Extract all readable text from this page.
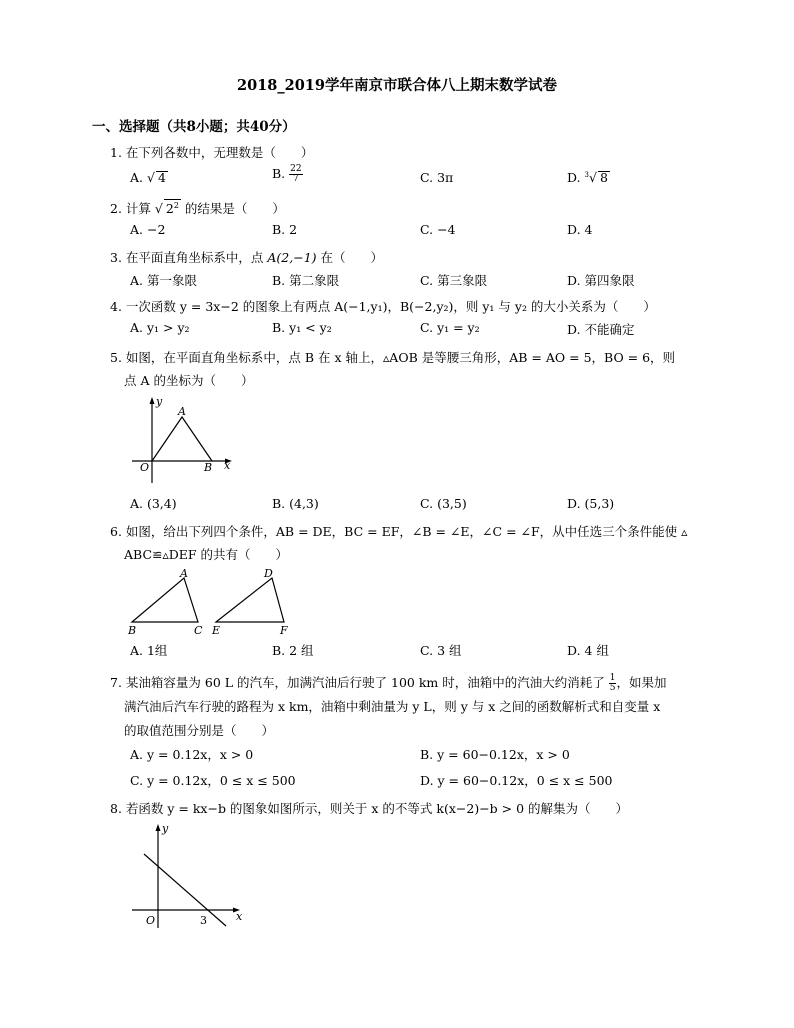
2018_2019学年南京市联合体八上期末数学试卷
一、选择题（共8小题；共40分）
1. 在下列各数中，无理数是（　　）
A. √ 4	B. $\frac{22}{7}$	C. 3π	D. $^3$√ 8
2. 计算 √ $2^2$ 的结果是（　　）
A. −2	B. 2	C. −4	D. 4
3. 在平面直角坐标系中，点 A(2,−1) 在（　　）
A. 第一象限	B. 第二象限	C. 第三象限	D. 第四象限
4. 一次函数 y = 3x−2 的图象上有两点 A(−1,y₁)，B(−2,y₂)，则 y₁ 与 y₂ 的大小关系为（　　）
A. y₁ > y₂	B. y₁ < y₂	C. y₁ = y₂	D. 不能确定
5. 如图，在平面直角坐标系中，点 B 在 x 轴上，▵AOB 是等腰三角形，AB = AO = 5，BO = 6，则
点 A 的坐标为（　　）
y
x
O
A
B
A. (3,4)	B. (4,3)	C. (3,5)	D. (5,3)
6. 如图，给出下列四个条件，AB = DE，BC = EF，∠B = ∠E，∠C = ∠F，从中任选三个条件能使 ▵
ABC≌▵DEF 的共有（　　）
A
B	C
D
E	F
A. 1组	B. 2 组	C. 3 组	D. 4 组
7. 某油箱容量为 60 L 的汽车，加满汽油后行驶了 100 km 时，油箱中的汽油大约消耗了 $\frac{1}{5}$ ，如果加
满汽油后汽车行驶的路程为 x km，油箱中剩油量为 y L，则 y 与 x 之间的函数解析式和自变量 x
的取值范围分别是（　　）
A. y = 0.12x，x > 0	B. y = 60−0.12x，x > 0
C. y = 0.12x，0 ≤ x ≤ 500	D. y = 60−0.12x，0 ≤ x ≤ 500
8. 若函数 y = kx−b 的图象如图所示，则关于 x 的不等式 k(x−2)−b > 0 的解集为（　　）
y
x
O	3
